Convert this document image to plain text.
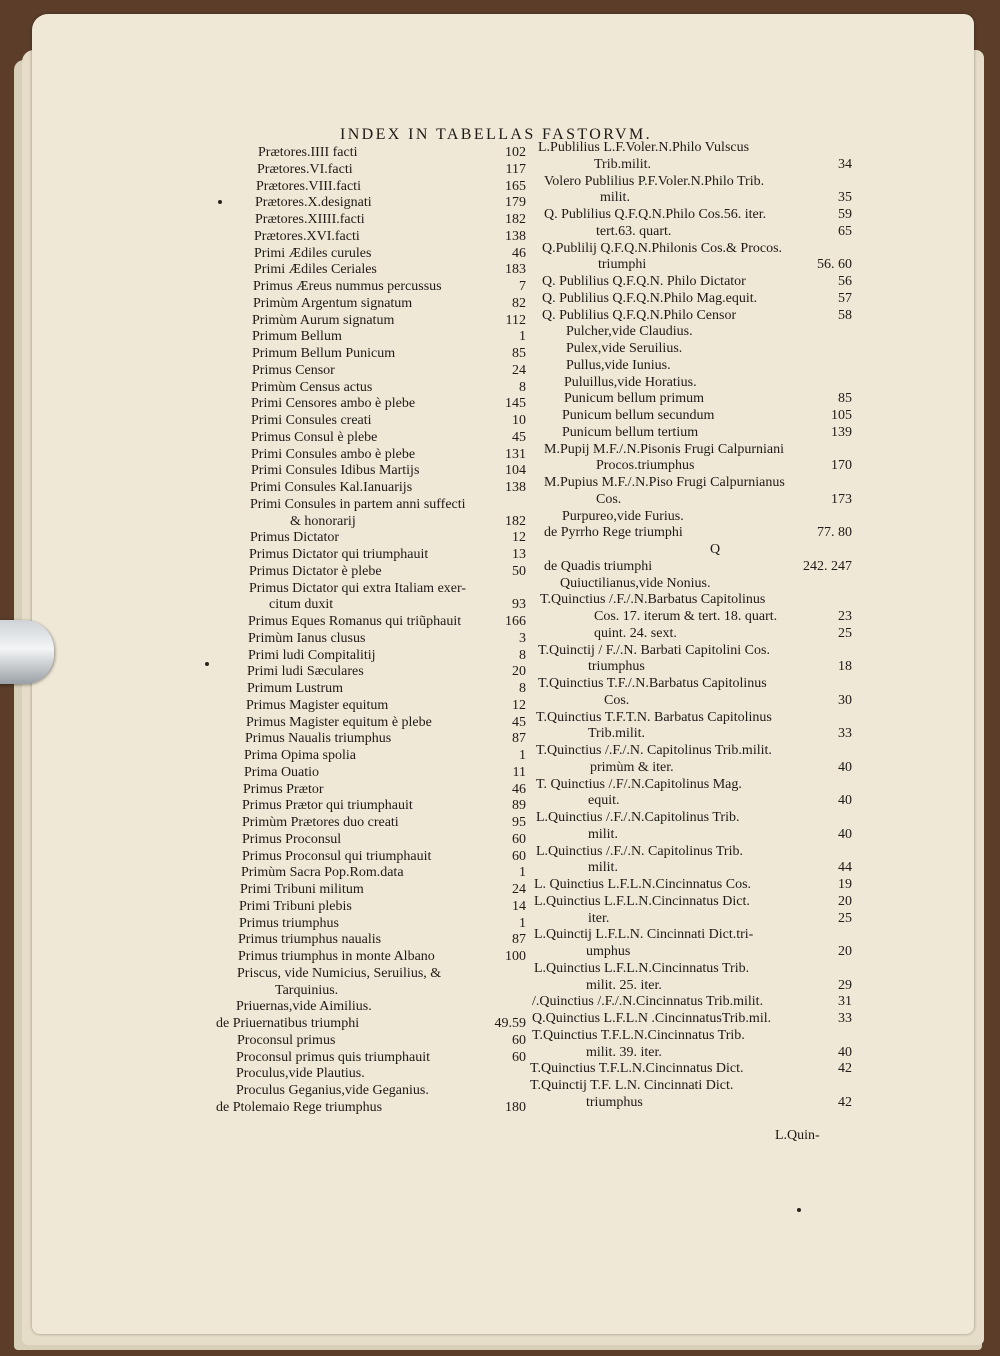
INDEX IN TABELLAS FASTORVM.
Prætores.IIII facti	102
Prætores.VI.facti	117
Prætores.VIII.facti	165
Prætores.X.designati	179
Prætores.XIIII.facti	182
Prætores.XVI.facti	138
Primi Ædiles curules	46
Primi Ædiles Ceriales	183
Primus Æreus nummus percussus	7
Primùm Argentum signatum	82
Primùm Aurum signatum	112
Primum Bellum	1
Primum Bellum Punicum	85
Primus Censor	24
Primùm Census actus	8
Primi Censores ambo è plebe	145
Primi Consules creati	10
Primus Consul è plebe	45
Primi Consules ambo è plebe	131
Primi Consules Idibus Martijs	104
Primi Consules Kal.Ianuarijs	138
Primi Consules in partem anni suffecti
& honorarij	182
Primus Dictator	12
Primus Dictator qui triumphauit	13
Primus Dictator è plebe	50
Primus Dictator qui extra Italiam exer-
citum duxit	93
Primus Eques Romanus qui triũphauit	166
Primùm Ianus clusus	3
Primi ludi Compitalitij	8
Primi ludi Sæculares	20
Primum Lustrum	8
Primus Magister equitum	12
Primus Magister equitum è plebe	45
Primus Naualis triumphus	87
Prima Opima spolia	1
Prima Ouatio	11
Primus Prætor	46
Primus Prætor qui triumphauit	89
Primùm Prætores duo creati	95
Primus Proconsul	60
Primus Proconsul qui triumphauit	60
Primùm Sacra Pop.Rom.data	1
Primi Tribuni militum	24
Primi Tribuni plebis	14
Primus triumphus	1
Primus triumphus naualis	87
Primus triumphus in monte Albano	100
Priscus, vide Numicius, Seruilius, &
Tarquinius.
Priuernas,vide Aimilius.
de Priuernatibus triumphi	49.59
Proconsul primus	60
Proconsul primus quis triumphauit	60
Proculus,vide Plautius.
Proculus Geganius,vide Geganius.
de Ptolemaio Rege triumphus	180
L.Publilius L.F.Voler.N.Philo Vulscus
Trib.milit.	34
Volero Publilius P.F.Voler.N.Philo Trib.
milit.	35
Q. Publilius Q.F.Q.N.Philo Cos.56. iter.	59
tert.63. quart.	65
Q.Publilij Q.F.Q.N.Philonis Cos.& Procos.
triumphi	56. 60
Q. Publilius Q.F.Q.N. Philo Dictator	56
Q. Publilius Q.F.Q.N.Philo Mag.equit.	57
Q. Publilius Q.F.Q.N.Philo Censor	58
Pulcher,vide Claudius.
Pulex,vide Seruilius.
Pullus,vide Iunius.
Puluillus,vide Horatius.
Punicum bellum primum	85
Punicum bellum secundum	105
Punicum bellum tertium	139
M.Pupij M.F./.N.Pisonis Frugi Calpurniani
Procos.triumphus	170
M.Pupius M.F./.N.Piso Frugi Calpurnianus
Cos.	173
Purpureo,vide Furius.
de Pyrrho Rege triumphi	77. 80
Q
de Quadis triumphi	242. 247
Quiuctilianus,vide Nonius.
T.Quinctius /.F./.N.Barbatus Capitolinus
Cos. 17. iterum & tert. 18. quart.	23
quint. 24. sext.	25
T.Quinctij / F./.N. Barbati Capitolini Cos.
triumphus	18
T.Quinctius T.F./.N.Barbatus Capitolinus
Cos.	30
T.Quinctius T.F.T.N. Barbatus Capitolinus
Trib.milit.	33
T.Quinctius /.F./.N. Capitolinus Trib.milit.
primùm & iter.	40
T. Quinctius /.F/.N.Capitolinus Mag.
equit.	40
L.Quinctius /.F./.N.Capitolinus Trib.
milit.	40
L.Quinctius /.F./.N. Capitolinus Trib.
milit.	44
L. Quinctius L.F.L.N.Cincinnatus Cos.	19
L.Quinctius L.F.L.N.Cincinnatus Dict.	20
iter.	25
L.Quinctij L.F.L.N. Cincinnati Dict.tri-
umphus	20
L.Quinctius L.F.L.N.Cincinnatus Trib.
milit. 25. iter.	29
/.Quinctius /.F./.N.Cincinnatus Trib.milit.	31
Q.Quinctius L.F.L.N .CincinnatusTrib.mil.	33
T.Quinctius T.F.L.N.Cincinnatus Trib.
milit. 39. iter.	40
T.Quinctius T.F.L.N.Cincinnatus Dict.	42
T.Quinctij T.F. L.N. Cincinnati Dict.
triumphus	42
L.Quin-
